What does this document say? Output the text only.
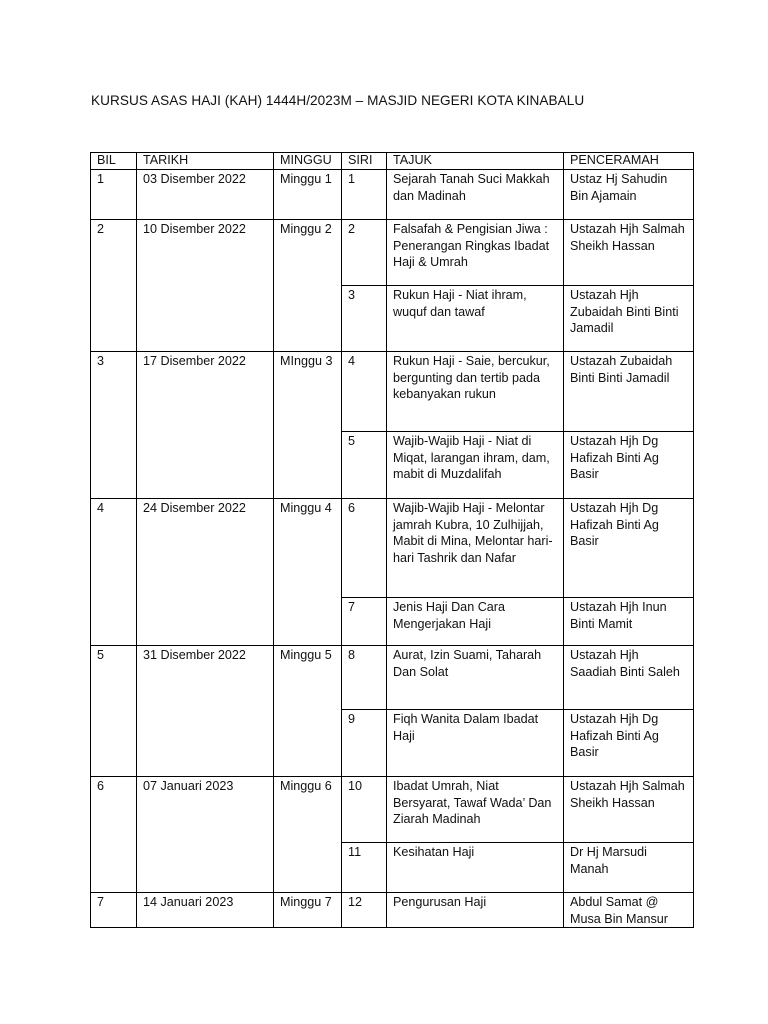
KURSUS ASAS HAJI (KAH) 1444H/2023M – MASJID NEGERI KOTA KINABALU
BIL	TARIKH	MINGGU	SIRI	TAJUK	PENCERAMAH
1	03 Disember 2022	Minggu 1	1	Sejarah Tanah Suci Makkah dan Madinah	Ustaz Hj Sahudin Bin Ajamain
2	10 Disember 2022	Minggu 2	2	Falsafah & Pengisian Jiwa : Penerangan Ringkas Ibadat Haji & Umrah	Ustazah Hjh Salmah Sheikh Hassan
			3	Rukun Haji - Niat ihram, wuquf dan tawaf	Ustazah Hjh Zubaidah Binti Binti Jamadil
3	17 Disember 2022	MInggu 3	4	Rukun Haji - Saie, bercukur, bergunting dan tertib pada kebanyakan rukun	Ustazah Zubaidah Binti Binti Jamadil
			5	Wajib-Wajib Haji - Niat di Miqat, larangan ihram, dam, mabit di Muzdalifah	Ustazah Hjh Dg Hafizah Binti Ag Basir
4	24 Disember 2022	Minggu 4	6	Wajib-Wajib Haji - Melontar jamrah Kubra, 10 Zulhijjah, Mabit di Mina, Melontar hari-hari Tashrik dan Nafar	Ustazah Hjh Dg Hafizah Binti Ag Basir
			7	Jenis Haji Dan Cara Mengerjakan Haji	Ustazah Hjh Inun Binti Mamit
5	31 Disember 2022	Minggu 5	8	Aurat, Izin Suami, Taharah Dan Solat	Ustazah Hjh Saadiah Binti Saleh
			9	Fiqh Wanita Dalam Ibadat Haji	Ustazah Hjh Dg Hafizah Binti Ag Basir
6	07 Januari 2023	Minggu 6	10	Ibadat Umrah, Niat Bersyarat, Tawaf Wada’ Dan Ziarah Madinah	Ustazah Hjh Salmah Sheikh Hassan
			11	Kesihatan Haji	Dr Hj Marsudi Manah
7	14 Januari 2023	Minggu 7	12	Pengurusan Haji	Abdul Samat @ Musa Bin Mansur
